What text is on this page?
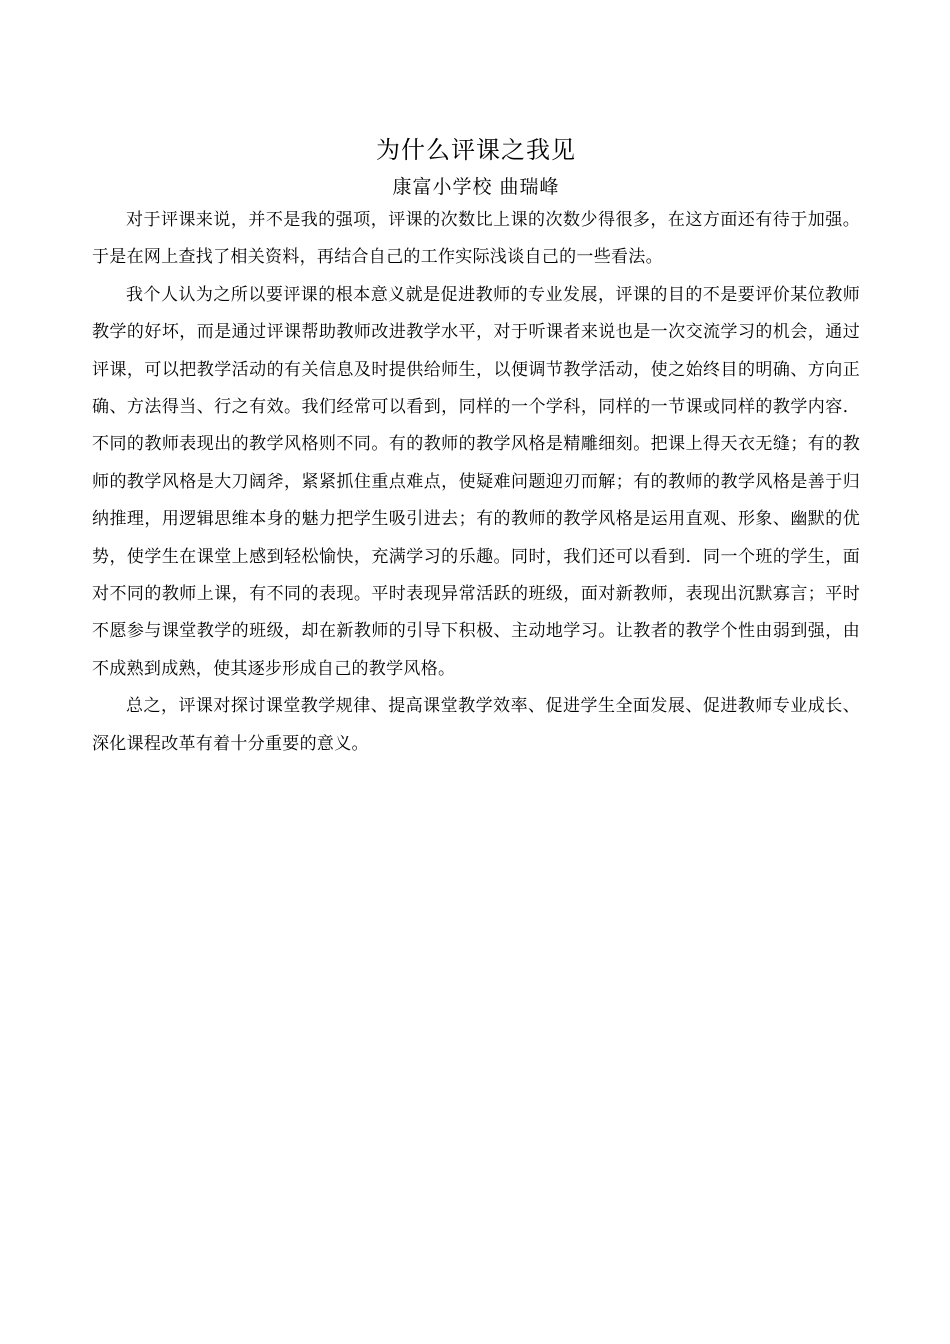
为什么评课之我见
康富小学校 曲瑞峰

对于评课来说，并不是我的强项，评课的次数比上课的次数少得很多，在这方面还有待于加强。于是在网上查找了相关资料，再结合自己的工作实际浅谈自己的一些看法。

我个人认为之所以要评课的根本意义就是促进教师的专业发展，评课的目的不是要评价某位教师教学的好坏，而是通过评课帮助教师改进教学水平，对于听课者来说也是一次交流学习的机会，通过评课，可以把教学活动的有关信息及时提供给师生，以便调节教学活动，使之始终目的明确、方向正确、方法得当、行之有效。我们经常可以看到，同样的一个学科，同样的一节课或同样的教学内容．不同的教师表现出的教学风格则不同。有的教师的教学风格是精雕细刻。把课上得天衣无缝；有的教师的教学风格是大刀阔斧，紧紧抓住重点难点，使疑难问题迎刃而解；有的教师的教学风格是善于归纳推理，用逻辑思维本身的魅力把学生吸引进去；有的教师的教学风格是运用直观、形象、幽默的优势，使学生在课堂上感到轻松愉快，充满学习的乐趣。同时，我们还可以看到．同一个班的学生，面对不同的教师上课，有不同的表现。平时表现异常活跃的班级，面对新教师，表现出沉默寡言；平时不愿参与课堂教学的班级，却在新教师的引导下积极、主动地学习。让教者的教学个性由弱到强，由不成熟到成熟，使其逐步形成自己的教学风格。

总之，评课对探讨课堂教学规律、提高课堂教学效率、促进学生全面发展、促进教师专业成长、深化课程改革有着十分重要的意义。
